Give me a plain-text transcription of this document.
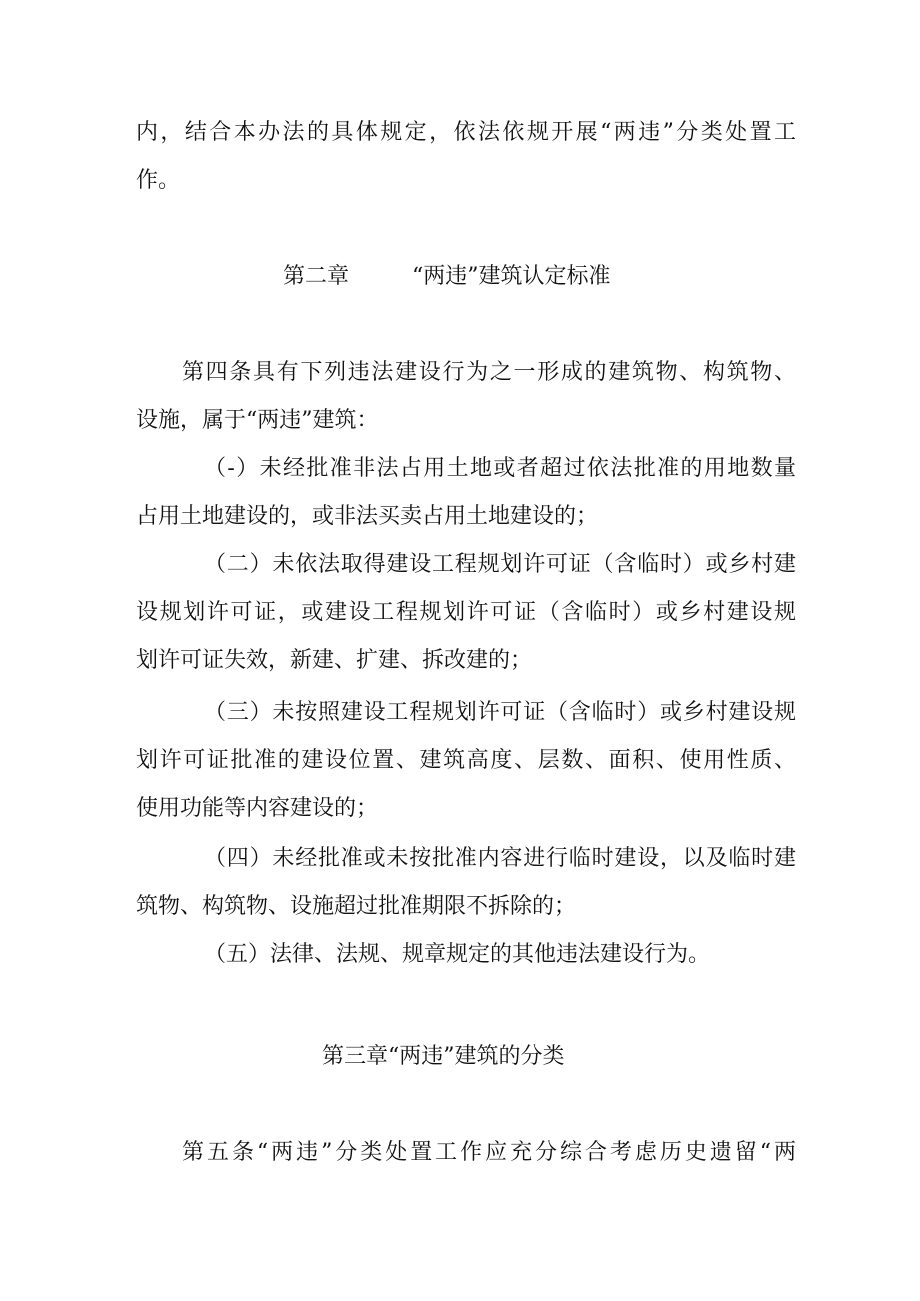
内，结合本办法的具体规定，依法依规开展“两违”分类处置工
作。
第二章	“两违”建筑认定标准
第四条具有下列违法建设行为之一形成的建筑物、构筑物、
设施，属于“两违”建筑：
（-）未经批准非法占用土地或者超过依法批准的用地数量
占用土地建设的，或非法买卖占用土地建设的；
（二）未依法取得建设工程规划许可证（含临时）或乡村建
设规划许可证，或建设工程规划许可证（含临时）或乡村建设规
划许可证失效，新建、扩建、拆改建的；
（三）未按照建设工程规划许可证（含临时）或乡村建设规
划许可证批准的建设位置、建筑高度、层数、面积、使用性质、
使用功能等内容建设的；
（四）未经批准或未按批准内容进行临时建设，以及临时建
筑物、构筑物、设施超过批准期限不拆除的；
（五）法律、法规、规章规定的其他违法建设行为。
第三章“两违”建筑的分类
第五条“两违”分类处置工作应充分综合考虑历史遗留“两
